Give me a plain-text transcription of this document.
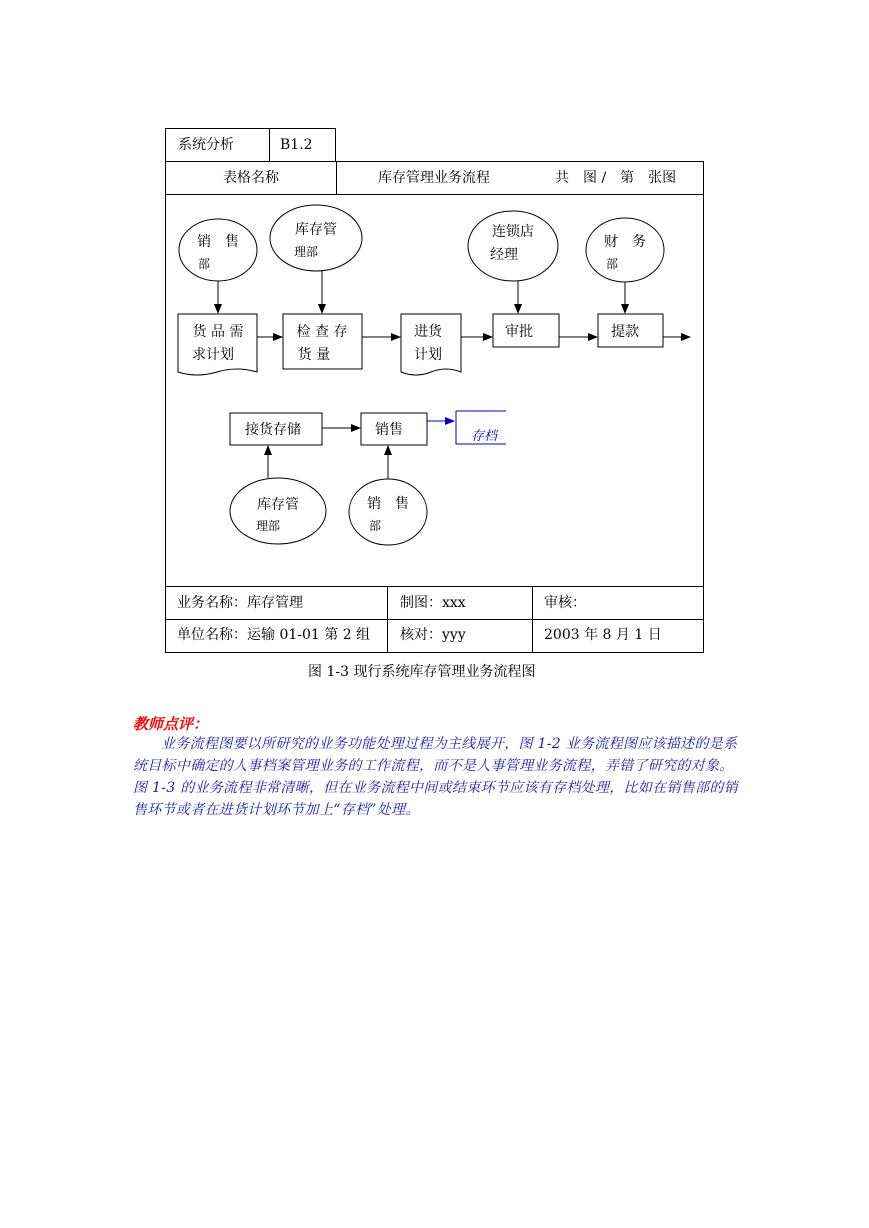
系统分析	B1.2
表格名称	库存管理业务流程	共　图 /　第　张图
业务名称：库存管理	制图：xxx	审核：
单位名称：运输 01-01 第 2 组 核对：yyy	2003 年 8 月 1 日
销　售
部
库存管
理部
连锁店
经理
财　务
部
库存管
理部
销　售
部
货 品 需
求计划
进货
计划
检 查 存
货 量
审批	提款
接货存储	销售	存档
图 1-3 现行系统库存管理业务流程图
教师点评：
业务流程图要以所研究的业务功能处理过程为主线展开，图 1-2 业务流程图应该描述的是系统目标中确定的人事档案管理业务的工作流程，而不是人事管理业务流程，弄错了研究的对象。图 1-3 的业务流程非常清晰，但在业务流程中间或结束环节应该有存档处理，比如在销售部的销售环节或者在进货计划环节加上“存档”处理。
